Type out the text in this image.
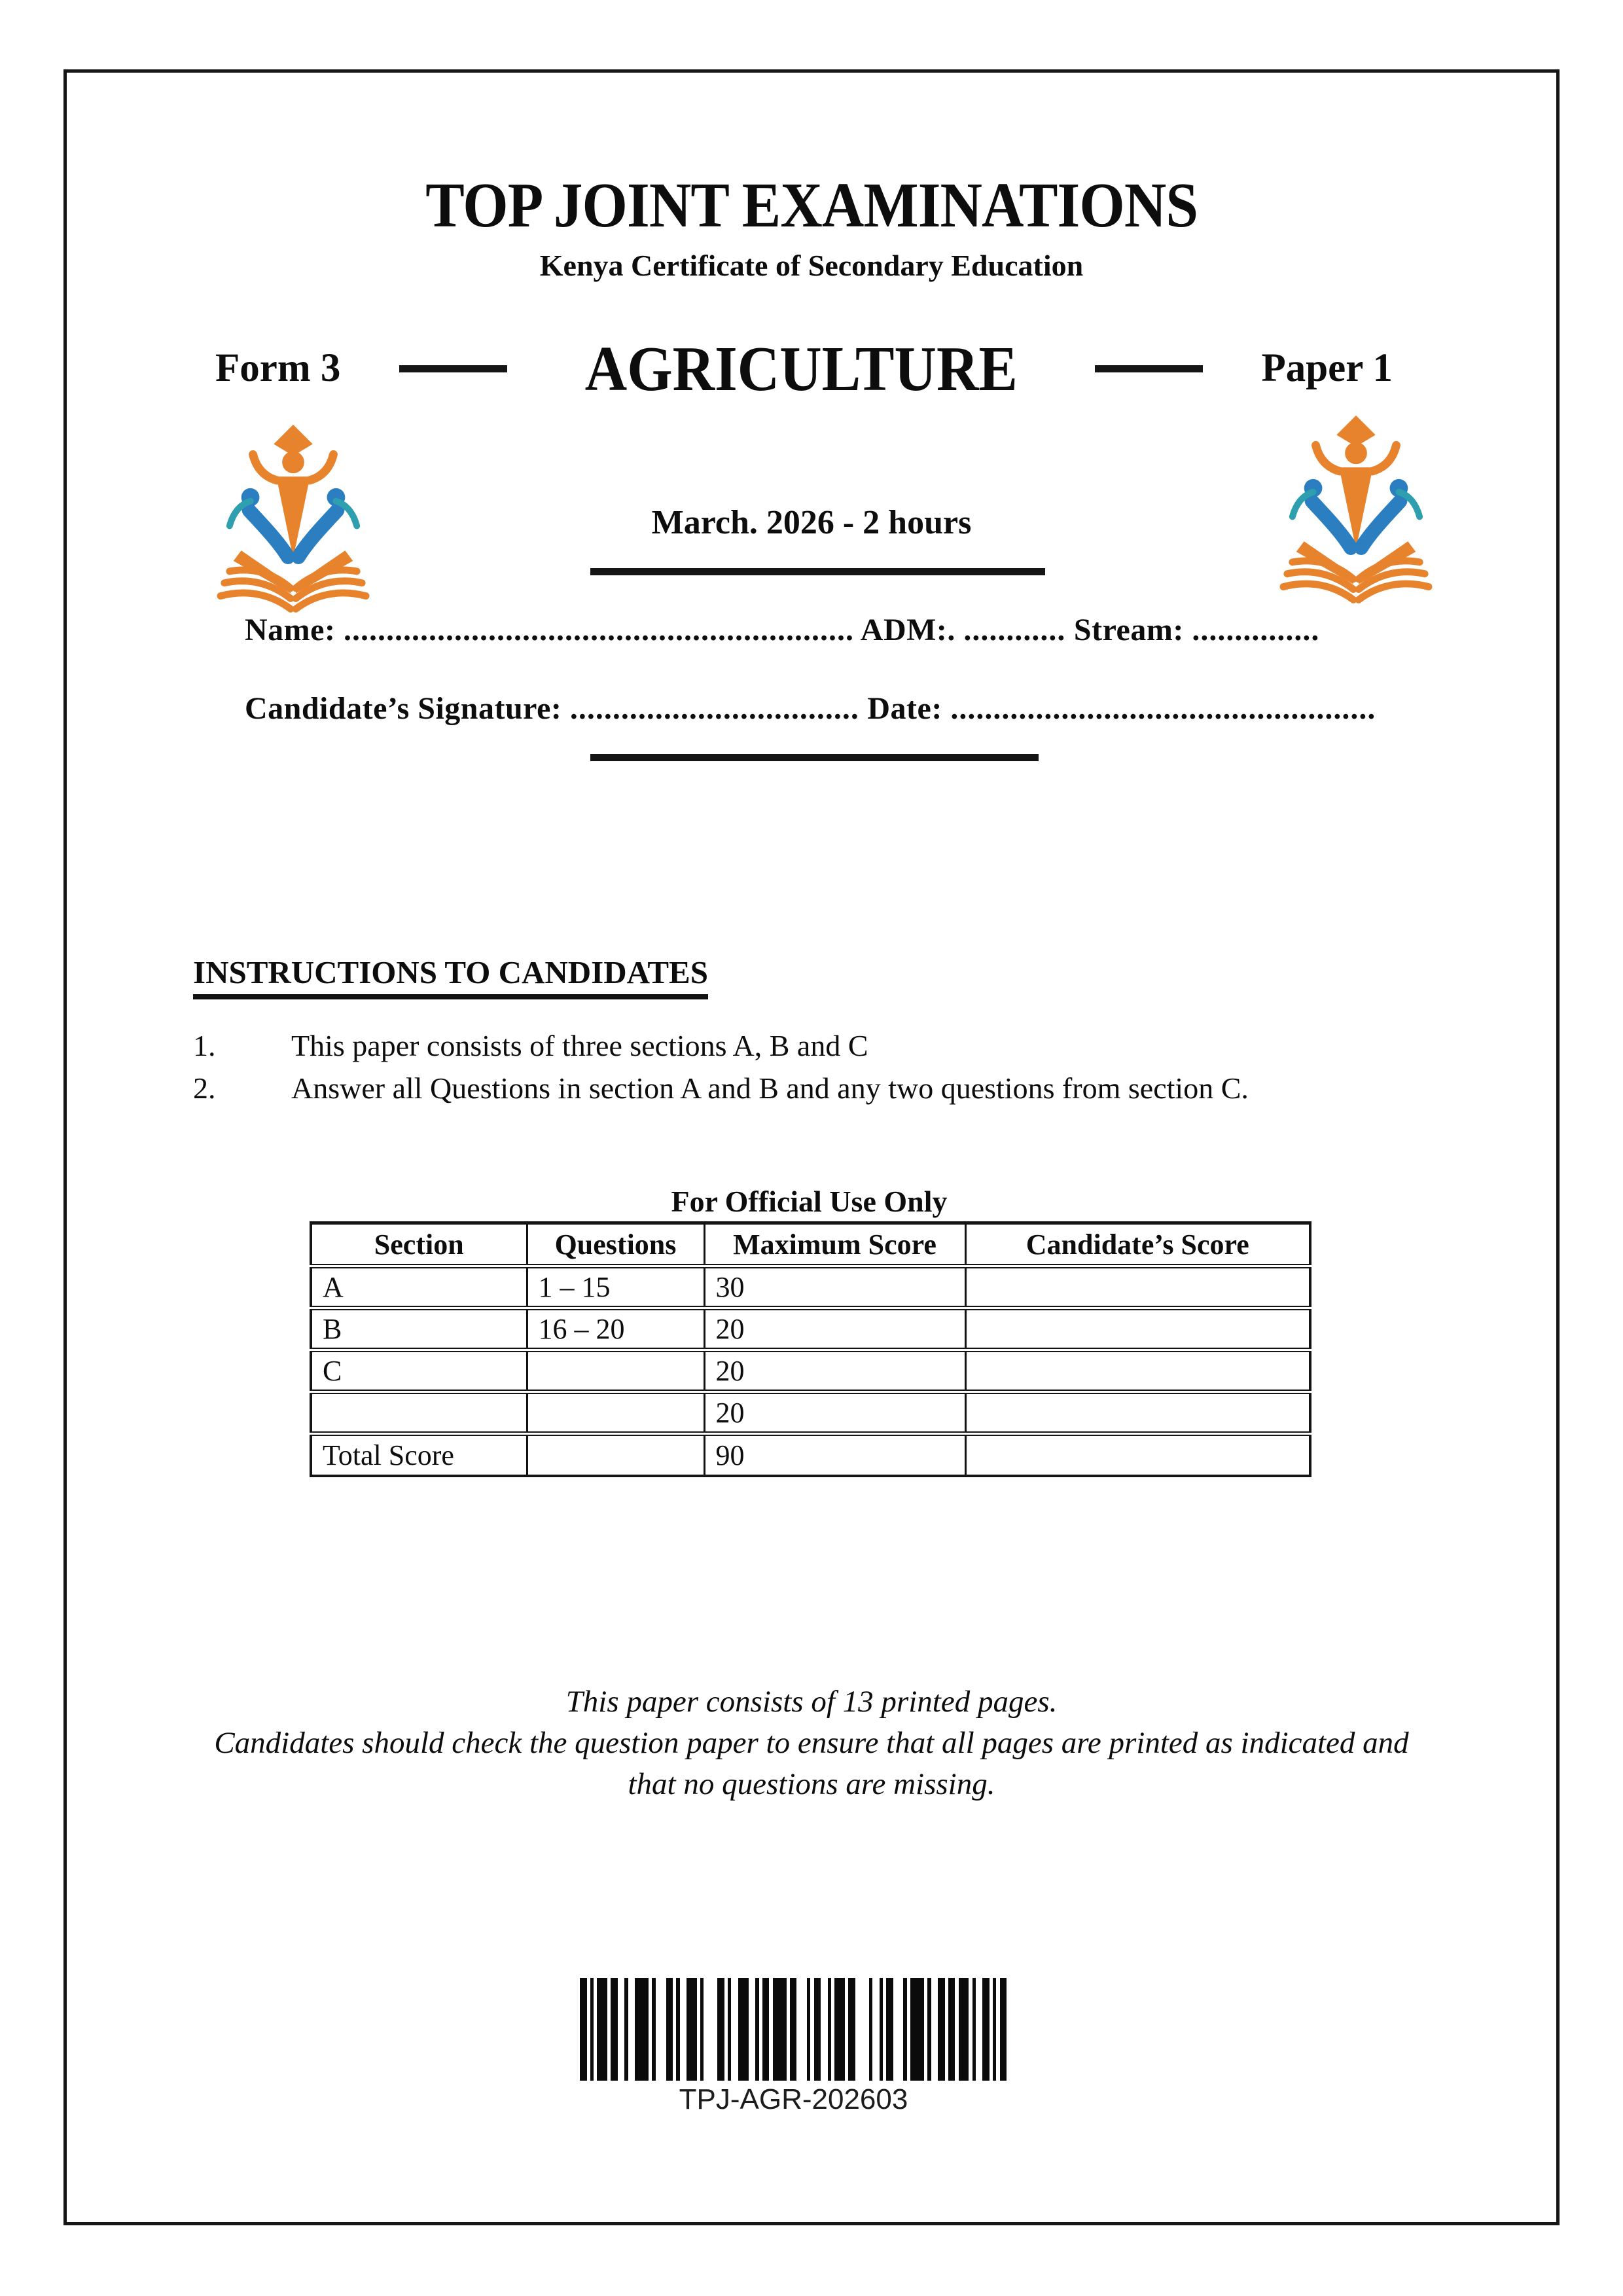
TOP JOINT EXAMINATIONS
Kenya Certificate of Secondary Education
Form 3	AGRICULTURE	Paper 1
March. 2026 - 2 hours
Name: ............................................................ ADM:. ............ Stream: ...............
Candidate’s Signature: .................................. Date: ..................................................
INSTRUCTIONS TO CANDIDATES
1.	This paper consists of three sections A, B and C
2.	Answer all Questions in section A and B and any two questions from section C.
For Official Use Only
Section	Questions	Maximum Score	Candidate’s Score
A	1 – 15	30	
B	16 – 20	20	
C		20	
		20	
Total Score		90	
This paper consists of 13 printed pages.
Candidates should check the question paper to ensure that all pages are printed as indicated and
that no questions are missing.
TPJ-AGR-202603
